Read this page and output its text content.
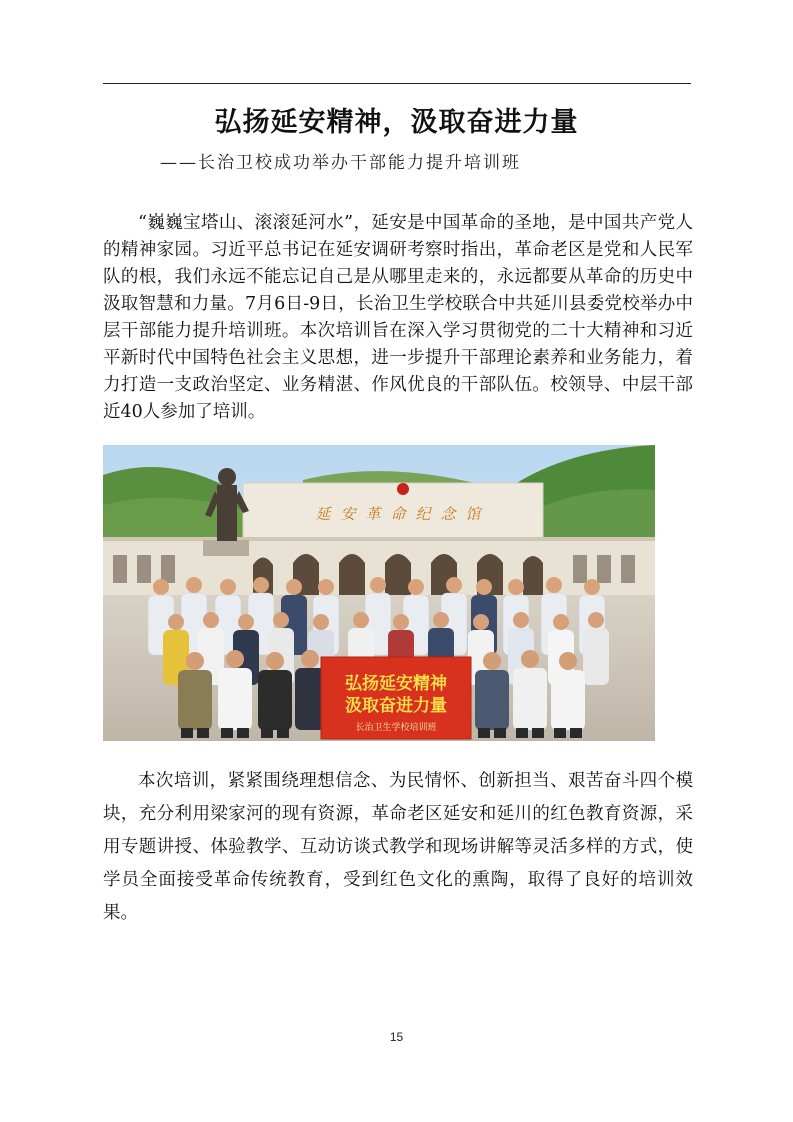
弘扬延安精神，汲取奋进力量
——长治卫校成功举办干部能力提升培训班

“巍巍宝塔山、滚滚延河水”，延安是中国革命的圣地，是中国共产党人的精神家园。习近平总书记在延安调研考察时指出，革命老区是党和人民军队的根，我们永远不能忘记自己是从哪里走来的，永远都要从革命的历史中汲取智慧和力量。7月6日-9日，长治卫生学校联合中共延川县委党校举办中层干部能力提升培训班。本次培训旨在深入学习贯彻党的二十大精神和习近平新时代中国特色社会主义思想，进一步提升干部理论素养和业务能力，着力打造一支政治坚定、业务精湛、作风优良的干部队伍。校领导、中层干部近40人参加了培训。

延安革命纪念馆
弘扬延安精神
汲取奋进力量
长治卫生学校培训班

本次培训，紧紧围绕理想信念、为民情怀、创新担当、艰苦奋斗四个模块，充分利用梁家河的现有资源，革命老区延安和延川的红色教育资源，采用专题讲授、体验教学、互动访谈式教学和现场讲解等灵活多样的方式，使学员全面接受革命传统教育，受到红色文化的熏陶，取得了良好的培训效果。

15
